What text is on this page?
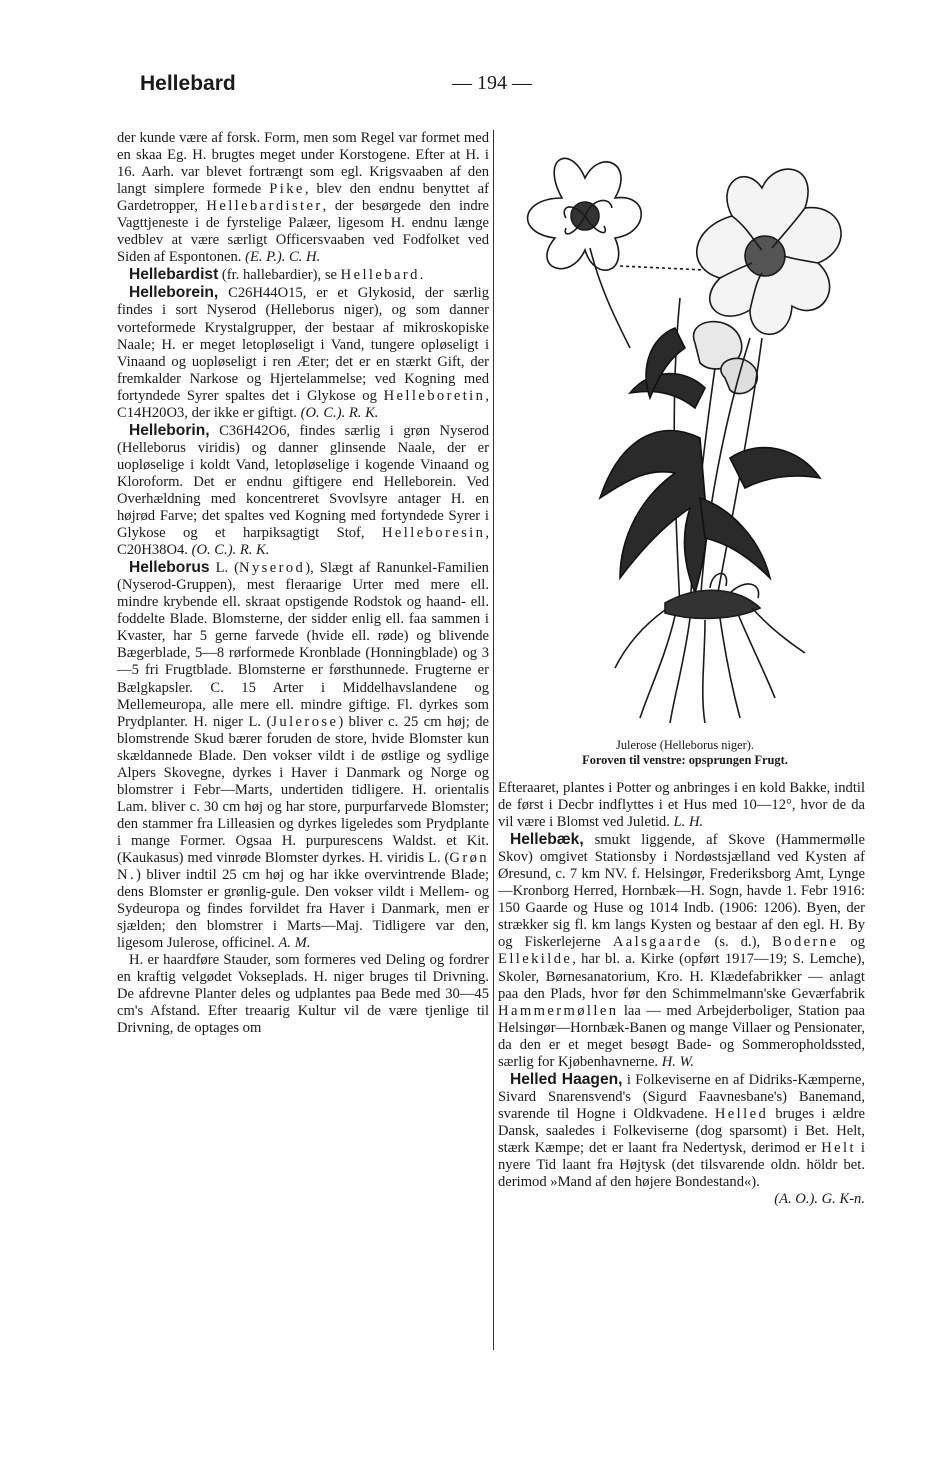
Hellebard	— 194 —

der kunde være af forsk. Form, men som Regel var formet med en skaa Eg. H. brugtes meget under Korstogene. Efter at H. i 16. Aarh. var blevet fortrængt som egl. Krigsvaaben af den langt simplere formede Pike, blev den endnu benyttet af Gardetropper, Hellebardister, der besørgede den indre Vagttjeneste i de fyrstelige Palæer, ligesom H. endnu længe vedblev at være særligt Officersvaaben ved Fodfolket ved Siden af Espontonen. (E. P.). C. H.

Hellebardist (fr. hallebardier), se Hellebard.

Helleborein, C26H44O15, er et Glykosid, der særlig findes i sort Nyserod (Helleborus niger), og som danner vorteformede Krystalgrupper, der bestaar af mikroskopiske Naale; H. er meget letopløseligt i Vand, tungere opløseligt i Vinaand og uopløseligt i ren Æter; det er en stærkt Gift, der fremkalder Narkose og Hjertelammelse; ved Kogning med fortyndede Syrer spaltes det i Glykose og Helleboretin, C14H20O3, der ikke er giftigt. (O. C.). R. K.

Helleborin, C36H42O6, findes særlig i grøn Nyserod (Helleborus viridis) og danner glinsende Naale, der er uopløselige i koldt Vand, letopløselige i kogende Vinaand og Kloroform. Det er endnu giftigere end Helleborein. Ved Overhældning med koncentreret Svovlsyre antager H. en højrød Farve; det spaltes ved Kogning med fortyndede Syrer i Glykose og et harpiksagtigt Stof, Helleboresin, C20H38O4. (O. C.). R. K.

Helleborus L. (Nyserod), Slægt af Ranunkel-Familien (Nyserod-Gruppen), mest fleraarige Urter med mere ell. mindre krybende ell. skraat opstigende Rodstok og haand- ell. foddelte Blade. Blomsterne, der sidder enlig ell. faa sammen i Kvaster, har 5 gerne farvede (hvide ell. røde) og blivende Bægerblade, 5—8 rørformede Kronblade (Honningblade) og 3—5 fri Frugtblade. Blomsterne er førsthunnede. Frugterne er Bælgkapsler. C. 15 Arter i Middelhavslandene og Mellemeuropa, alle mere ell. mindre giftige. Fl. dyrkes som Prydplanter. H. niger L. (Julerose) bliver c. 25 cm høj; de blomstrende Skud bærer foruden de store, hvide Blomster kun skældannede Blade. Den vokser vildt i de østlige og sydlige Alpers Skovegne, dyrkes i Haver i Danmark og Norge og blomstrer i Febr—Marts, undertiden tidligere. H. orientalis Lam. bliver c. 30 cm høj og har store, purpurfarvede Blomster; den stammer fra Lilleasien og dyrkes ligeledes som Prydplante i mange Former. Ogsaa H. purpurescens Waldst. et Kit. (Kaukasus) med vinrøde Blomster dyrkes. H. viridis L. (Grøn N.) bliver indtil 25 cm høj og har ikke overvintrende Blade; dens Blomster er grønlig-gule. Den vokser vildt i Mellem- og Sydeuropa og findes forvildet fra Haver i Danmark, men er sjælden; den blomstrer i Marts—Maj. Tidligere var den, ligesom Julerose, officinel. A. M.

H. er haardføre Stauder, som formeres ved Deling og fordrer en kraftig velgødet Vokseplads. H. niger bruges til Drivning. De afdrevne Planter deles og udplantes paa Bede med 30—45 cm's Afstand. Efter treaarig Kultur vil de være tjenlige til Drivning, de optages om

Julerose (Helleborus niger).
Foroven til venstre: opsprungen Frugt.

Efteraaret, plantes i Potter og anbringes i en kold Bakke, indtil de først i Decbr indflyttes i et Hus med 10—12°, hvor de da vil være i Blomst ved Juletid. L. H.

Hellebæk, smukt liggende, af Skove (Hammermølle Skov) omgivet Stationsby i Nordøstsjælland ved Kysten af Øresund, c. 7 km NV. f. Helsingør, Frederiksborg Amt, Lynge—Kronborg Herred, Hornbæk—H. Sogn, havde 1. Febr 1916: 150 Gaarde og Huse og 1014 Indb. (1906: 1206). Byen, der strækker sig fl. km langs Kysten og bestaar af den egl. H. By og Fiskerlejerne Aalsgaarde (s. d.), Boderne og Ellekilde, har bl. a. Kirke (opført 1917—19; S. Lemche), Skoler, Børnesanatorium, Kro. H. Klædefabrikker — anlagt paa den Plads, hvor før den Schimmelmann'ske Geværfabrik Hammermøllen laa — med Arbejderboliger, Station paa Helsingør—Hornbæk-Banen og mange Villaer og Pensionater, da den er et meget besøgt Bade- og Sommeropholdssted, særlig for Kjøbenhavnerne. H. W.

Helled Haagen, i Folkeviserne en af Didriks-Kæmperne, Sivard Snarensvend's (Sigurd Faavnesbane's) Banemand, svarende til Hogne i Oldkvadene. Helled bruges i ældre Dansk, saaledes i Folkeviserne (dog sparsomt) i Bet. Helt, stærk Kæmpe; det er laant fra Nedertysk, derimod er Helt i nyere Tid laant fra Højtysk (det tilsvarende oldn. höldr bet. derimod »Mand af den højere Bondestand«).

(A. O.). G. K-n.
